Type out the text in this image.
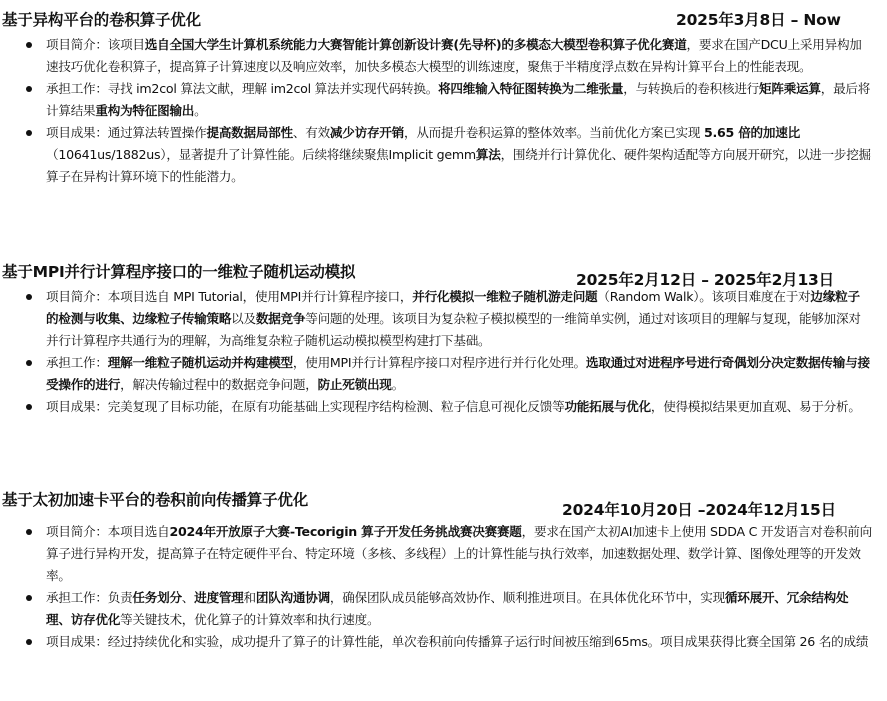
基于异构平台的卷积算子优化	2025年3月8日 – Now
项目简介：该项目选自全国大学生计算机系统能力大赛智能计算创新设计赛(先导杯)的多模态大模型卷积算子优化赛道，要求在国产DCU上采用异构加速技巧优化卷积算子，提高算子计算速度以及响应效率，加快多模态大模型的训练速度，聚焦于半精度浮点数在异构计算平台上的性能表现。
承担工作：寻找 im2col 算法文献，理解 im2col 算法并实现代码转换。将四维输入特征图转换为二维张量，与转换后的卷积核进行矩阵乘运算，最后将计算结果重构为特征图输出。
项目成果：通过算法转置操作提高数据局部性、有效减少访存开销，从而提升卷积运算的整体效率。当前优化方案已实现 5.65 倍的加速比（10641us/1882us），显著提升了计算性能。后续将继续聚焦Implicit gemm算法，围绕并行计算优化、硬件架构适配等方向展开研究，以进一步挖掘算子在异构计算环境下的性能潜力。
基于MPI并行计算程序接口的一维粒子随机运动模拟	2025年2月12日 – 2025年2月13日
项目简介：本项目选自 MPI Tutorial，使用MPI并行计算程序接口，并行化模拟一维粒子随机游走问题（Random Walk）。该项目难度在于对边缘粒子的检测与收集、边缘粒子传输策略以及数据竞争等问题的处理。该项目为复杂粒子模拟模型的一维简单实例，通过对该项目的理解与复现，能够加深对并行计算程序共通行为的理解，为高维复杂粒子随机运动模拟模型构建打下基础。
承担工作：理解一维粒子随机运动并构建模型，使用MPI并行计算程序接口对程序进行并行化处理。选取通过对进程序号进行奇偶划分决定数据传输与接受操作的进行，解决传输过程中的数据竞争问题，防止死锁出现。
项目成果：完美复现了目标功能，在原有功能基础上实现程序结构检测、粒子信息可视化反馈等功能拓展与优化，使得模拟结果更加直观、易于分析。
基于太初加速卡平台的卷积前向传播算子优化
2024年10月20日 –2024年12月15日
项目简介：本项目选自2024年开放原子大赛-Tecorigin 算子开发任务挑战赛决赛赛题，要求在国产太初AI加速卡上使用 SDDA C 开发语言对卷积前向算子进行异构开发，提高算子在特定硬件平台、特定环境（多核、多线程）上的计算性能与执行效率，加速数据处理、数学计算、图像处理等的开发效率。
承担工作：负责任务划分、进度管理和团队沟通协调，确保团队成员能够高效协作、顺利推进项目。在具体优化环节中，实现循环展开、冗余结构处理、访存优化等关键技术，优化算子的计算效率和执行速度。
项目成果：经过持续优化和实验，成功提升了算子的计算性能，单次卷积前向传播算子运行时间被压缩到65ms。项目成果获得比赛全国第 26 名的成绩
